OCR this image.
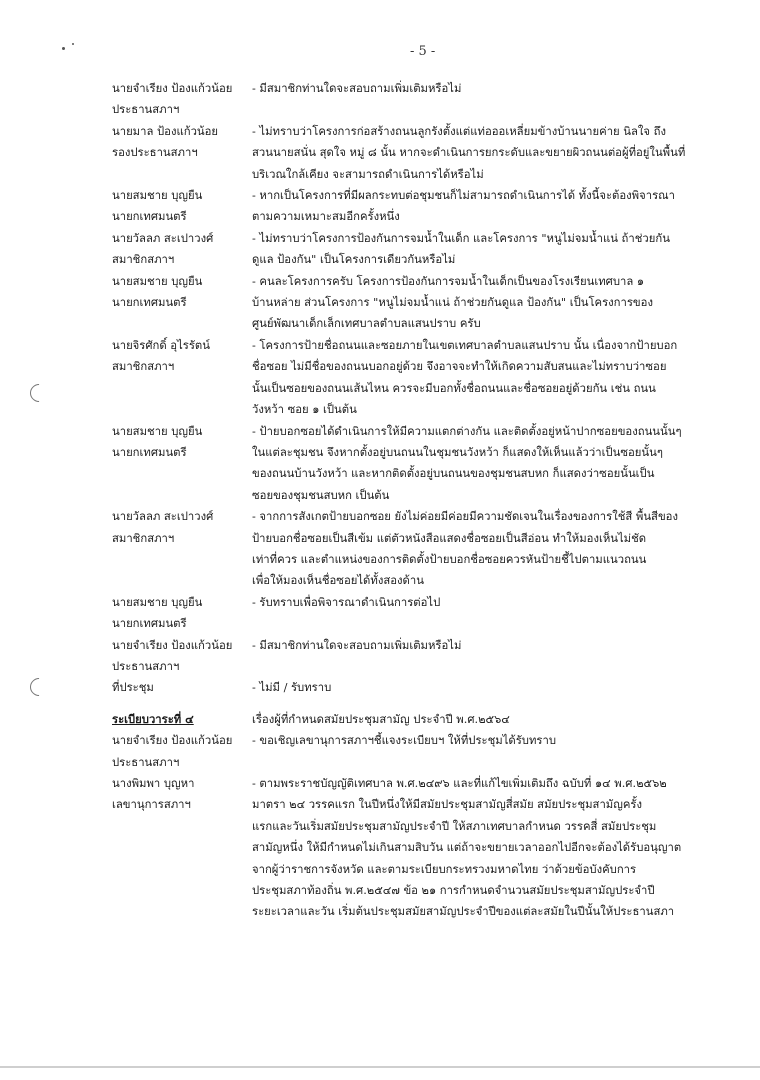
- 5 -
นายจำเรียง ป้องแก้วน้อย
ประธานสภาฯ
- มีสมาชิกท่านใดจะสอบถามเพิ่มเติมหรือไม่
นายมาล ป้องแก้วน้อย
รองประธานสภาฯ
- ไม่ทราบว่าโครงการก่อสร้างถนนลูกรังตั้งแต่แท่อออเหลี่ยมข้างบ้านนายค่าย นิลใจ ถึง
สวนนายสนั่น สุดใจ หมู่ ๘ นั้น หากจะดำเนินการยกระดับและขยายผิวถนนต่อผู้ที่อยู่ในพื้นที่
บริเวณใกล้เคียง จะสามารถดำเนินการได้หรือไม่
นายสมชาย บุญยืน
นายกเทศมนตรี
- หากเป็นโครงการที่มีผลกระทบต่อชุมชนก็ไม่สามารถดำเนินการได้ ทั้งนี้จะต้องพิจารณา
ตามความเหมาะสมอีกครั้งหนึ่ง
นายวัลลภ สะเปาวงศ์
สมาชิกสภาฯ
- ไม่ทราบว่าโครงการป้องกันการจมน้ำในเด็ก และโครงการ "หนูไม่จมน้ำแน่ ถ้าช่วยกัน
ดูแล ป้องกัน" เป็นโครงการเดียวกันหรือไม่
นายสมชาย บุญยืน
นายกเทศมนตรี
- คนละโครงการครับ โครงการป้องกันการจมน้ำในเด็กเป็นของโรงเรียนเทศบาล ๑
บ้านหล่าย ส่วนโครงการ "หนูไม่จมน้ำแน่ ถ้าช่วยกันดูแล ป้องกัน" เป็นโครงการของ
ศูนย์พัฒนาเด็กเล็กเทศบาลตำบลแสนปราบ ครับ
นายจิรศักดิ์ อุไรรัตน์
สมาชิกสภาฯ
- โครงการป้ายชื่อถนนและซอยภายในเขตเทศบาลตำบลแสนปราบ นั้น เนื่องจากป้ายบอก
ชื่อซอย ไม่มีชื่อของถนนบอกอยู่ด้วย จึงอาจจะทำให้เกิดความสับสนและไม่ทราบว่าซอย
นั้นเป็นซอยของถนนเส้นไหน ควรจะมีบอกทั้งชื่อถนนและชื่อซอยอยู่ด้วยกัน เช่น ถนน
วังหว้า ซอย ๑ เป็นต้น
นายสมชาย บุญยืน
นายกเทศมนตรี
- ป้ายบอกซอยได้ดำเนินการให้มีความแตกต่างกัน และติดตั้งอยู่หน้าปากซอยของถนนนั้นๆ
ในแต่ละชุมชน จึงหากตั้งอยู่บนถนนในชุมชนวังหว้า ก็แสดงให้เห็นแล้วว่าเป็นซอยนั้นๆ
ของถนนบ้านวังหว้า และหากติดตั้งอยู่บนถนนของชุมชนสบหก ก็แสดงว่าซอยนั้นเป็น
ซอยของชุมชนสบหก เป็นต้น
นายวัลลภ สะเปาวงศ์
สมาชิกสภาฯ
- จากการสังเกตป้ายบอกซอย ยังไม่ค่อยมีค่อยมีความชัดเจนในเรื่องของการใช้สี พื้นสีของ
ป้ายบอกชื่อซอยเป็นสีเข้ม แต่ตัวหนังสือแสดงชื่อซอยเป็นสีอ่อน ทำให้มองเห็นไม่ชัด
เท่าที่ควร และตำแหน่งของการติดตั้งป้ายบอกชื่อซอยควรหันป้ายชี้ไปตามแนวถนน
เพื่อให้มองเห็นชื่อซอยได้ทั้งสองด้าน
นายสมชาย บุญยืน
นายกเทศมนตรี
- รับทราบเพื่อพิจารณาดำเนินการต่อไป
นายจำเรียง ป้องแก้วน้อย
ประธานสภาฯ
- มีสมาชิกท่านใดจะสอบถามเพิ่มเติมหรือไม่
ที่ประชุม	- ไม่มี / รับทราบ
ระเบียบวาระที่ ๔	เรื่องผู้ที่กำหนดสมัยประชุมสามัญ ประจำปี พ.ศ.๒๕๖๔
นายจำเรียง ป้องแก้วน้อย
ประธานสภาฯ
- ขอเชิญเลขานุการสภาฯชี้แจงระเบียบฯ ให้ที่ประชุมได้รับทราบ
นางพิมพา บุญหา
เลขานุการสภาฯ
- ตามพระราชบัญญัติเทศบาล พ.ศ.๒๔๙๖ และที่แก้ไขเพิ่มเติมถึง ฉบับที่ ๑๔ พ.ศ.๒๕๖๒
มาตรา ๒๔ วรรคแรก ในปีหนึ่งให้มีสมัยประชุมสามัญสี่สมัย สมัยประชุมสามัญครั้ง
แรกและวันเริ่มสมัยประชุมสามัญประจำปี ให้สภาเทศบาลกำหนด วรรคสี่ สมัยประชุม
สามัญหนึ่ง ให้มีกำหนดไม่เกินสามสิบวัน แต่ถ้าจะขยายเวลาออกไปอีกจะต้องได้รับอนุญาต
จากผู้ว่าราชการจังหวัด และตามระเบียบกระทรวงมหาดไทย ว่าด้วยข้อบังคับการ
ประชุมสภาท้องถิ่น พ.ศ.๒๕๔๗ ข้อ ๒๑ การกำหนดจำนวนสมัยประชุมสามัญประจำปี
ระยะเวลาและวัน เริ่มต้นประชุมสมัยสามัญประจำปีของแต่ละสมัยในปีนั้นให้ประธานสภา
